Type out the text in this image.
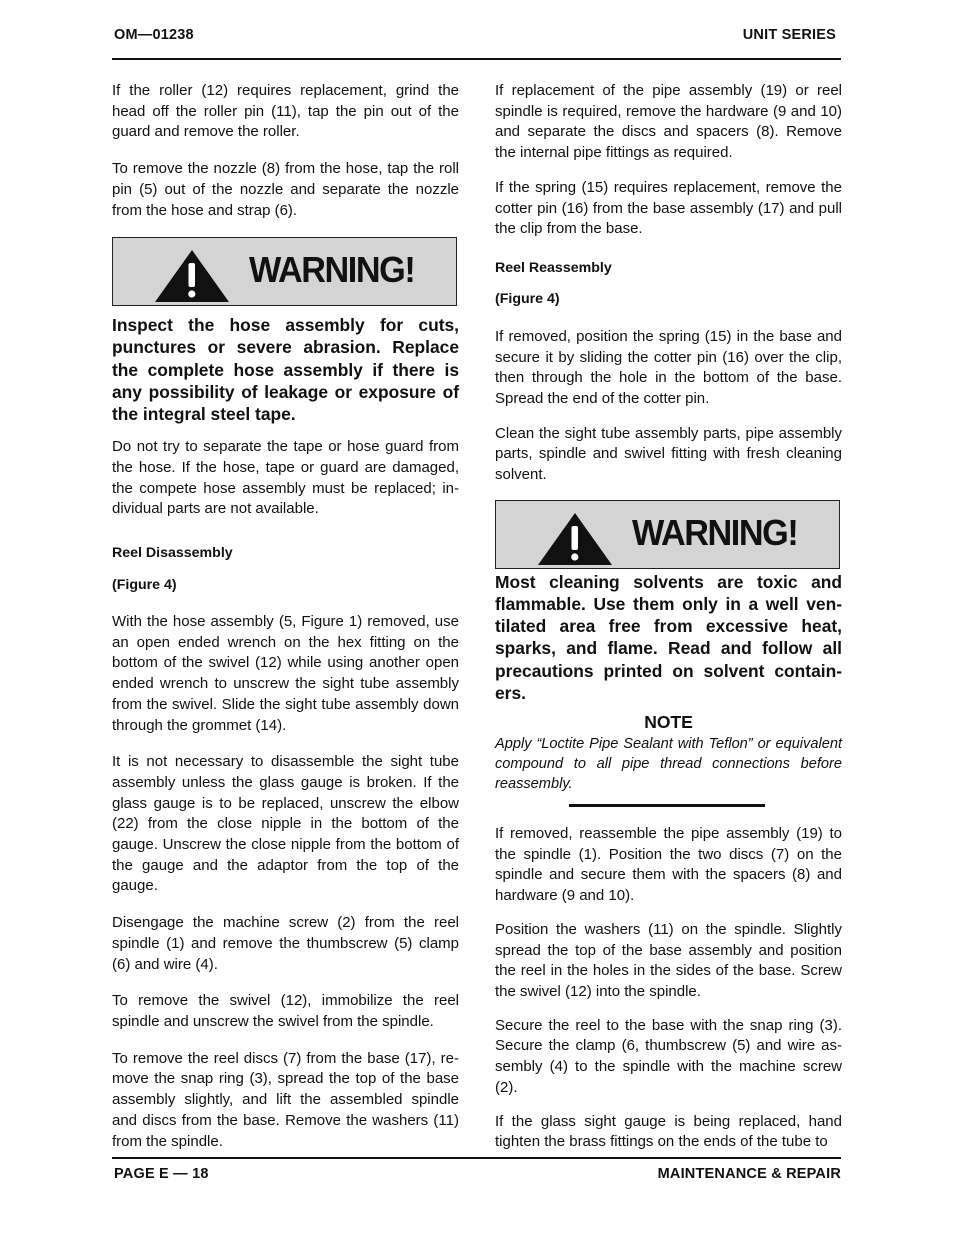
OM—01238	UNIT SERIES

If the roller (12) requires replacement, grind the head off the roller pin (11), tap the pin out of the guard and remove the roller.

To remove the nozzle (8) from the hose, tap the roll pin (5) out of the nozzle and separate the nozzle from the hose and strap (6).

WARNING!

Inspect the hose assembly for cuts, punctures or severe abrasion. Replace the complete hose assembly if there is any possibility of leakage or exposure of the integral steel tape.

Do not try to separate the tape or hose guard from the hose. If the hose, tape or guard are damaged, the compete hose assembly must be replaced; individual parts are not available.

Reel Disassembly

(Figure 4)

With the hose assembly (5, Figure 1) removed, use an open ended wrench on the hex fitting on the bottom of the swivel (12) while using another open ended wrench to unscrew the sight tube assembly from the swivel. Slide the sight tube assembly down through the grommet (14).

It is not necessary to disassemble the sight tube assembly unless the glass gauge is broken. If the glass gauge is to be replaced, unscrew the elbow (22) from the close nipple in the bottom of the gauge. Unscrew the close nipple from the bottom of the gauge and the adaptor from the top of the gauge.

Disengage the machine screw (2) from the reel spindle (1) and remove the thumbscrew (5) clamp (6) and wire (4).

To remove the swivel (12), immobilize the reel spindle and unscrew the swivel from the spindle.

To remove the reel discs (7) from the base (17), remove the snap ring (3), spread the top of the base assembly slightly, and lift the assembled spindle and discs from the base. Remove the washers (11) from the spindle.

If replacement of the pipe assembly (19) or reel spindle is required, remove the hardware (9 and 10) and separate the discs and spacers (8). Remove the internal pipe fittings as required.

If the spring (15) requires replacement, remove the cotter pin (16) from the base assembly (17) and pull the clip from the base.

Reel Reassembly

(Figure 4)

If removed, position the spring (15) in the base and secure it by sliding the cotter pin (16) over the clip, then through the hole in the bottom of the base. Spread the end of the cotter pin.

Clean the sight tube assembly parts, pipe assembly parts, spindle and swivel fitting with fresh cleaning solvent.

WARNING!

Most cleaning solvents are toxic and flammable. Use them only in a well ventilated area free from excessive heat, sparks, and flame. Read and follow all precautions printed on solvent containers.

NOTE

Apply “Loctite Pipe Sealant with Teflon” or equivalent compound to all pipe thread connections before reassembly.

If removed, reassemble the pipe assembly (19) to the spindle (1). Position the two discs (7) on the spindle and secure them with the spacers (8) and hardware (9 and 10).

Position the washers (11) on the spindle. Slightly spread the top of the base assembly and position the reel in the holes in the sides of the base. Screw the swivel (12) into the spindle.

Secure the reel to the base with the snap ring (3). Secure the clamp (6, thumbscrew (5) and wire assembly (4) to the spindle with the machine screw (2).

If the glass sight gauge is being replaced, hand tighten the brass fittings on the ends of the tube to

PAGE E — 18	MAINTENANCE & REPAIR
